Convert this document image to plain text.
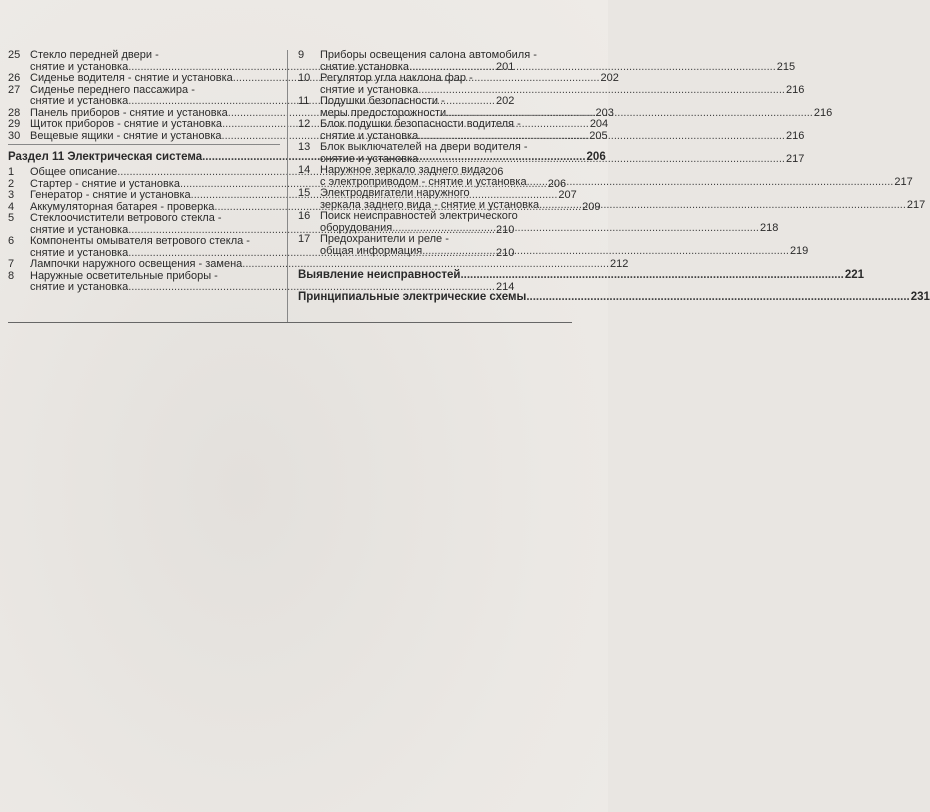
25 Стекло передней двери -
снятие и установка .....	201
26 Сиденье водителя - снятие и установка .....	202
27 Сиденье переднего пассажира -
снятие и установка .....	202
28 Панель приборов - снятие и установка .....	203
29 Щиток приборов - снятие и установка .....	204
30 Вещевые ящики - снятие и установка .....	205
Раздел 11 Электрическая система .....	206
1	Общее описание .....	206
2	Стартер - снятие и установка .....	206
3	Генератор - снятие и установка .....	207
4	Аккумуляторная батарея - проверка .....	209
5	Стеклоочистители ветрового стекла -
снятие и установка .....	210
6	Компоненты омывателя ветрового стекла -
снятие и установка .....	210
7	Лампочки наружного освещения - замена .....	212
8	Наружные осветительные приборы -
снятие и установка .....	214
9	Приборы освещения салона автомобиля -
снятие установка .....	215
10 Регулятор угла наклона фар -
снятие и установка .....	216
11 Подушки безопасности -
меры предосторожности .....	216
12 Блок подушки безопасности водителя -
снятие и установка .....	216
13 Блок выключателей на двери водителя -
снятие и установка .....	217
14 Наружное зеркало заднего вида
с электроприводом - снятие и установка .....	217
15 Электродвигатели наружного
зеркала заднего вида - снятие и установка .....	217
16 Поиск неисправностей электрического
оборудования .....	218
17 Предохранители и реле -
общая информация .....	219
Выявление неисправностей .....	221
Принципиальные электрические схемы .....	231
